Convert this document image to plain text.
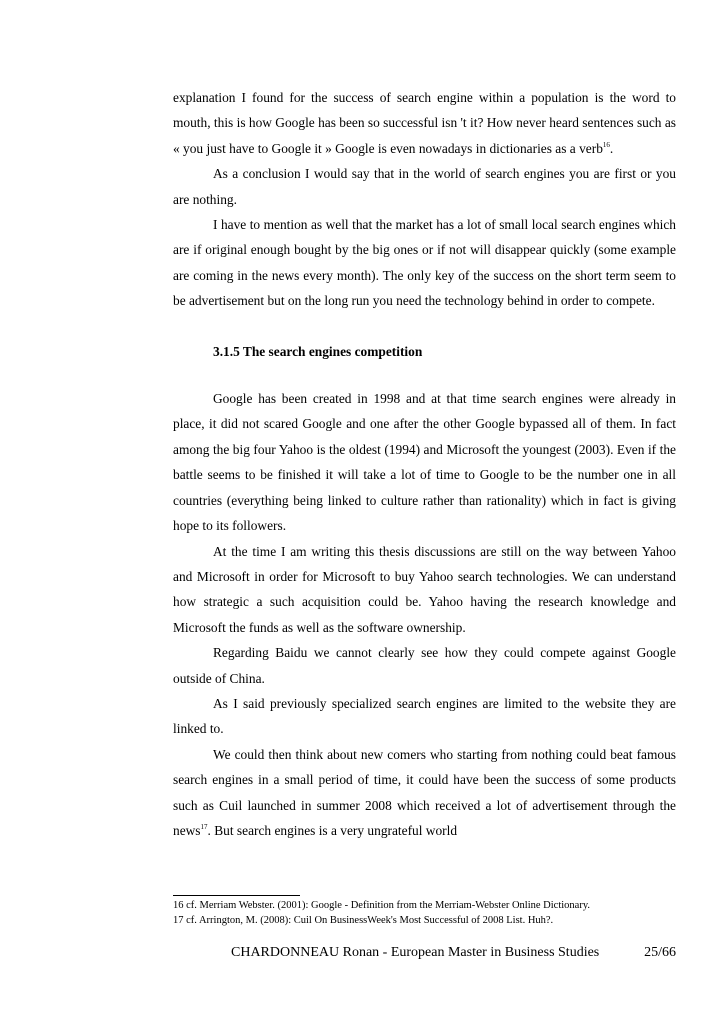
explanation I found for the success of search engine within a population is the word to mouth, this is how Google has been so successful isn 't it? How never heard sentences such as « you just have to Google it » Google is even nowadays in dictionaries as a verb$^{16}$.

As a conclusion I would say that in the world of search engines you are first or you are nothing.

I have to mention as well that the market has a lot of small local search engines which are if original enough bought by the big ones or if not will disappear quickly (some example are coming in the news every month). The only key of the success on the short term seem to be advertisement but on the long run you need the technology behind in order to compete.

3.1.5 The search engines competition

Google has been created in 1998 and at that time search engines were already in place, it did not scared Google and one after the other Google bypassed all of them. In fact among the big four Yahoo is the oldest (1994) and Microsoft the youngest (2003). Even if the battle seems to be finished it will take a lot of time to Google to be the number one in all countries (everything being linked to culture rather than rationality) which in fact is giving hope to its followers.

At the time I am writing this thesis discussions are still on the way between Yahoo and Microsoft in order for Microsoft to buy Yahoo search technologies. We can understand how strategic a such acquisition could be. Yahoo having the research knowledge and Microsoft the funds as well as the software ownership.

Regarding Baidu we cannot clearly see how they could compete against Google outside of China.

As I said previously specialized search engines are limited to the website they are linked to.

We could then think about new comers who starting from nothing could beat famous search engines in a small period of time, it could have been the success of some products such as Cuil launched in summer 2008 which received a lot of advertisement through the news$^{17}$. But search engines is a very ungrateful world

16 cf. Merriam Webster. (2001): Google - Definition from the Merriam-Webster Online Dictionary.
17 cf. Arrington, M. (2008): Cuil On BusinessWeek's Most Successful of 2008 List. Huh?.
CHARDONNEAU Ronan - European Master in Business Studies	25/66
